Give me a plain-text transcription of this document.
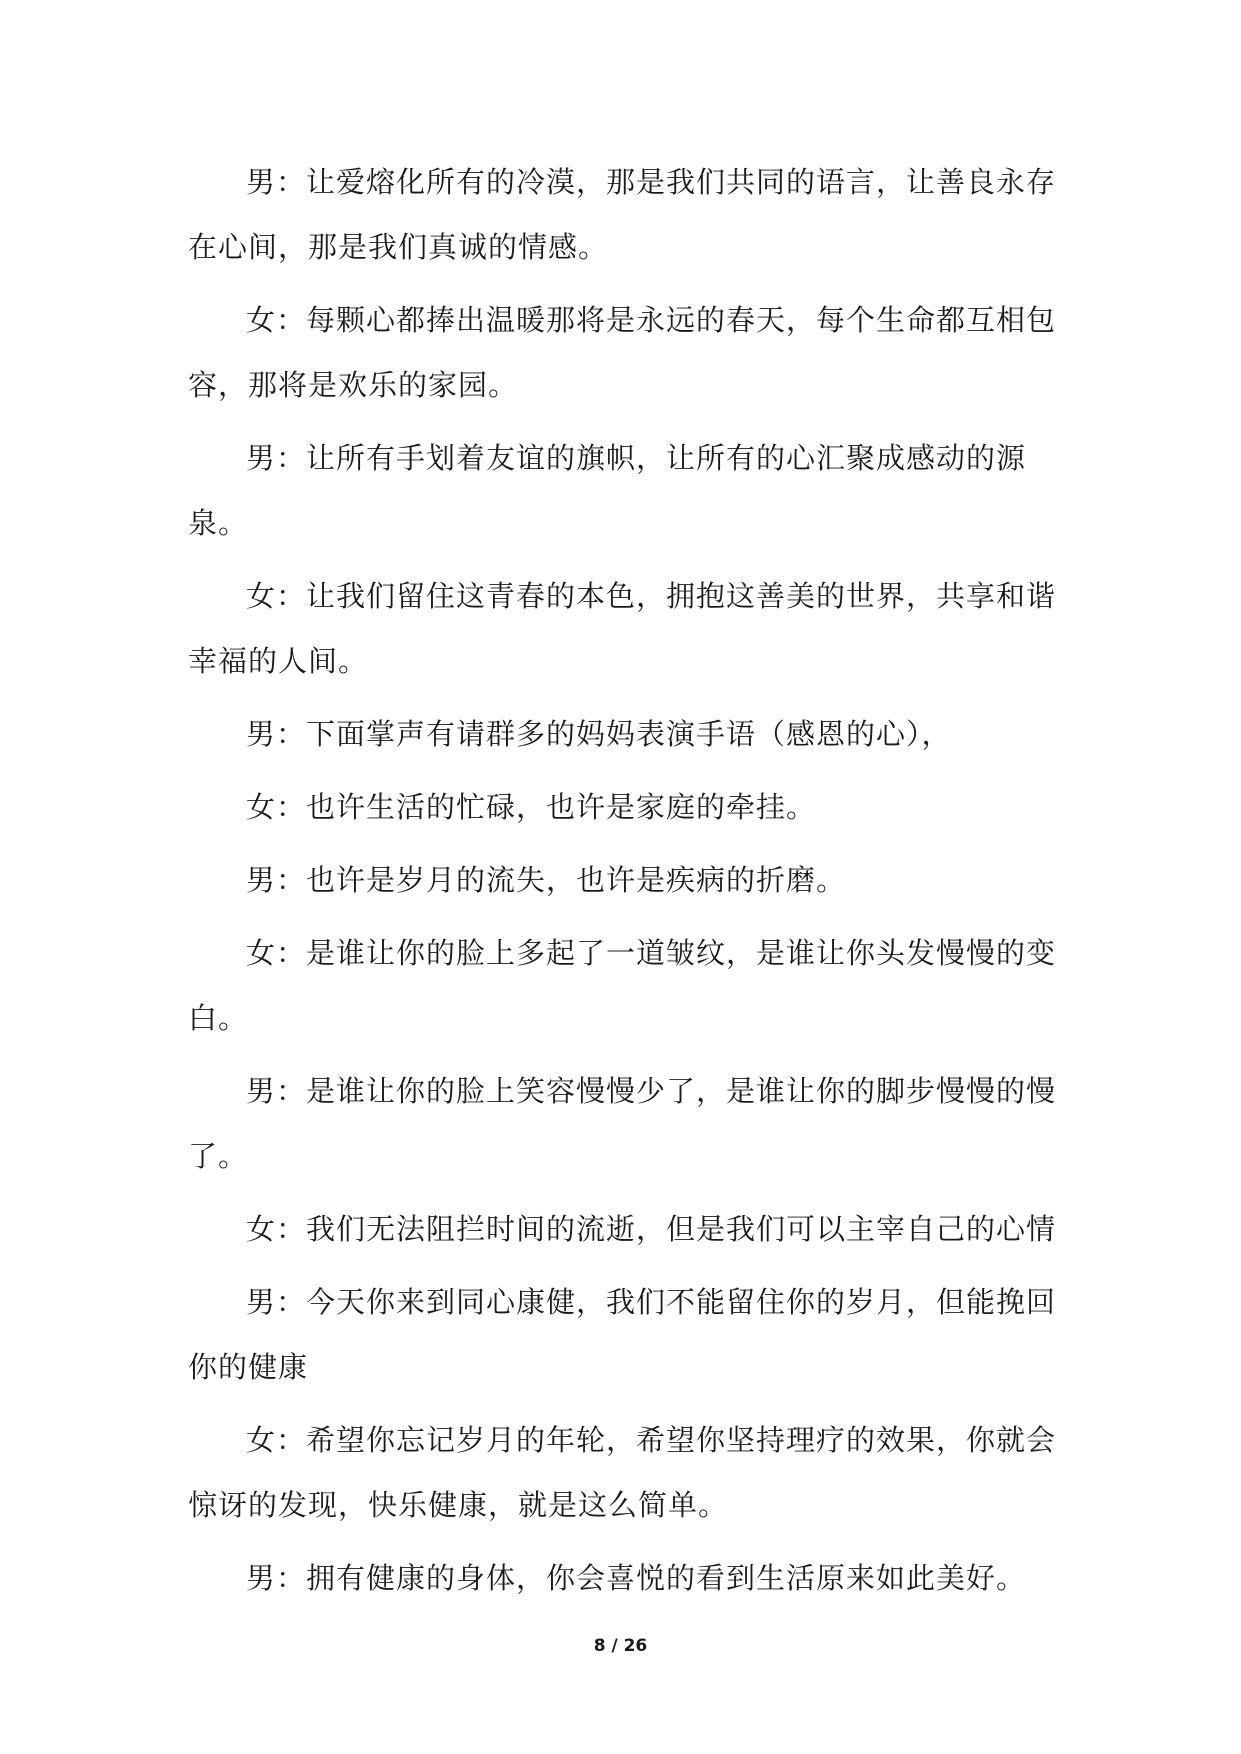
男：让爱熔化所有的冷漠，那是我们共同的语言，让善良永存在心间，那是我们真诚的情感。

女：每颗心都捧出温暖那将是永远的春天，每个生命都互相包容，那将是欢乐的家园。

男：让所有手划着友谊的旗帜，让所有的心汇聚成感动的源泉。

女：让我们留住这青春的本色，拥抱这善美的世界，共享和谐幸福的人间。

男：下面掌声有请群多的妈妈表演手语（感恩的心），

女：也许生活的忙碌，也许是家庭的牵挂。

男：也许是岁月的流失，也许是疾病的折磨。

女：是谁让你的脸上多起了一道皱纹，是谁让你头发慢慢的变白。

男：是谁让你的脸上笑容慢慢少了，是谁让你的脚步慢慢的慢了。

女：我们无法阻拦时间的流逝，但是我们可以主宰自己的心情

男：今天你来到同心康健，我们不能留住你的岁月，但能挽回你的健康

女：希望你忘记岁月的年轮，希望你坚持理疗的效果，你就会惊讶的发现，快乐健康，就是这么简单。

男：拥有健康的身体，你会喜悦的看到生活原来如此美好。

8 / 26
